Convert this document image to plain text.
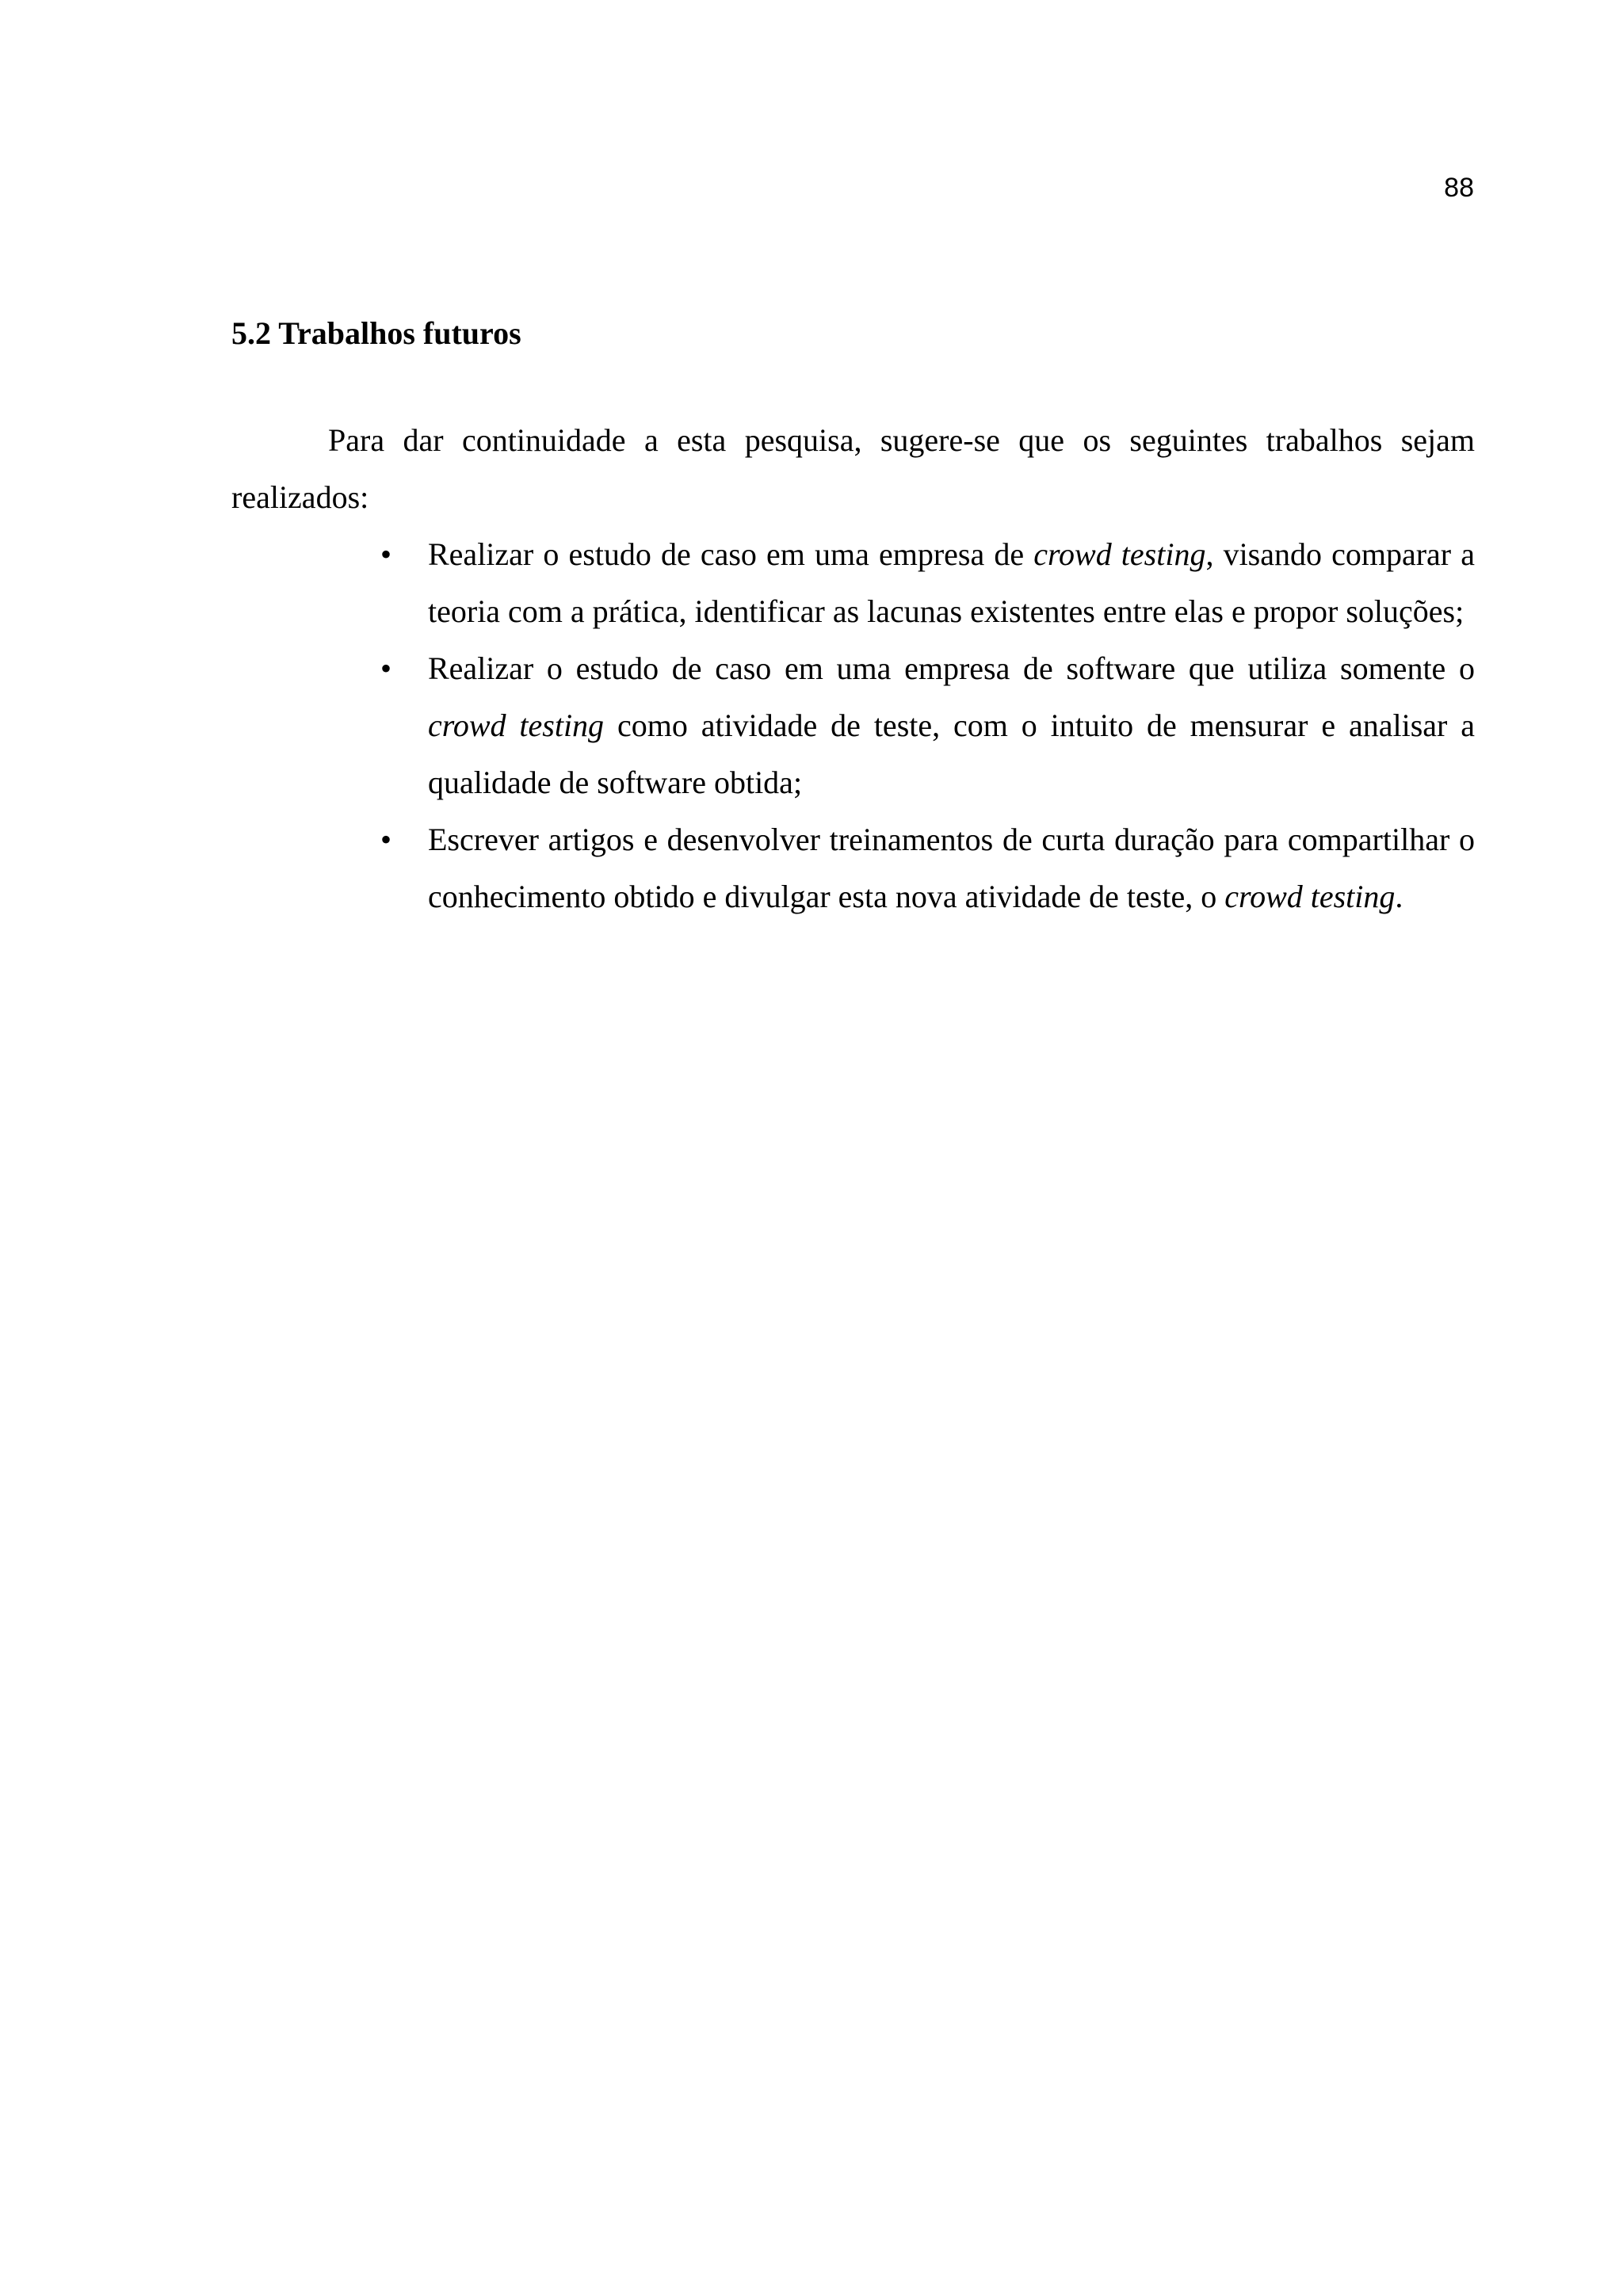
88
5.2 Trabalhos futuros

Para dar continuidade a esta pesquisa, sugere-se que os seguintes trabalhos sejam realizados:

• Realizar o estudo de caso em uma empresa de crowd testing, visando comparar a teoria com a prática, identificar as lacunas existentes entre elas e propor soluções;
• Realizar o estudo de caso em uma empresa de software que utiliza somente o crowd testing como atividade de teste, com o intuito de mensurar e analisar a qualidade de software obtida;
• Escrever artigos e desenvolver treinamentos de curta duração para compartilhar o conhecimento obtido e divulgar esta nova atividade de teste, o crowd testing.
